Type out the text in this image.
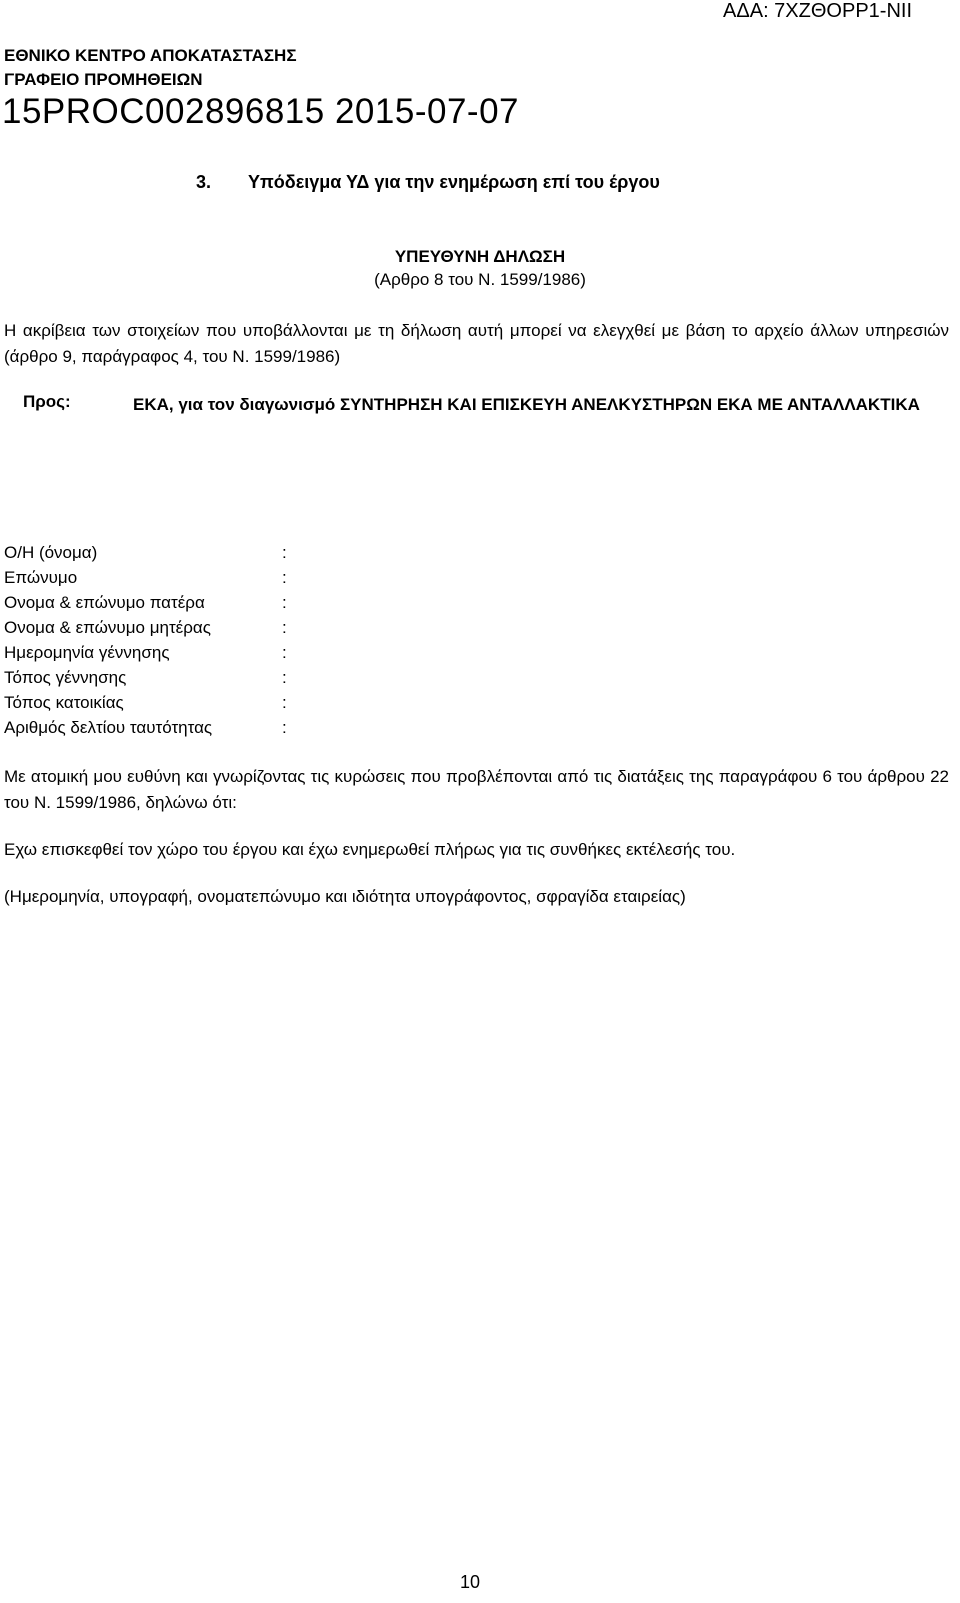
ΑΔΑ: 7ΧΖΘΟΡΡ1-ΝΙΙ
ΕΘΝΙΚΟ ΚΕΝΤΡΟ ΑΠΟΚΑΤΑΣΤΑΣΗΣ
ΓΡΑΦΕΙΟ ΠΡΟΜΗΘΕΙΩΝ
15PROC002896815 2015-07-07
3. Υπόδειγμα ΥΔ για την ενημέρωση επί του έργου
ΥΠΕΥΘΥΝΗ ΔΗΛΩΣΗ
(Αρθρο 8 του Ν. 1599/1986)

Η ακρίβεια των στοιχείων που υποβάλλονται με τη δήλωση αυτή μπορεί να ελεγχθεί με βάση το αρχείο άλλων υπηρεσιών (άρθρο 9, παράγραφος 4, του Ν. 1599/1986)

Προς:	ΕΚΑ, για τον διαγωνισμό ΣΥΝΤΗΡΗΣΗ ΚΑΙ ΕΠΙΣΚΕΥΗ ΑΝΕΛΚΥΣΤΗΡΩΝ ΕΚΑ ΜΕ ΑΝΤΑΛΛΑΚΤΙΚΑ
Ο/Η (όνομα)	:
Επώνυμο	:
Ονομα & επώνυμο πατέρα	:
Ονομα & επώνυμο μητέρας	:
Ημερομηνία γέννησης	:
Τόπος γέννησης	:
Τόπος κατοικίας	:
Αριθμός δελτίου ταυτότητας	:

Με ατομική μου ευθύνη και γνωρίζοντας τις κυρώσεις που προβλέπονται από τις διατάξεις της παραγράφου 6 του άρθρου 22 του Ν. 1599/1986, δηλώνω ότι:

Εχω επισκεφθεί τον χώρο του έργου και έχω ενημερωθεί πλήρως για τις συνθήκες εκτέλεσής του.
(Ημερομηνία, υπογραφή, ονοματεπώνυμο και ιδιότητα υπογράφοντος, σφραγίδα εταιρείας)
10
